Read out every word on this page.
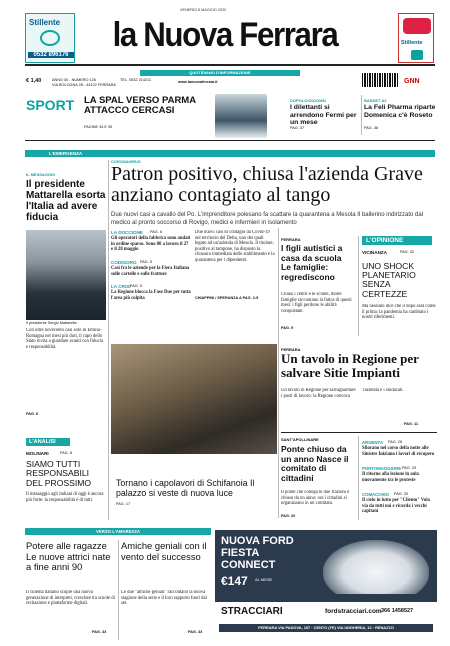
Stillente
0532 896176
VENERDÌ 8 MAGGIO 2020
la Nuova Ferrara	Stillente
€ 1,40	ANNO 30 - NUMERO 126
VIA BOLOGNA 28 - 44122 FERRARA
TEL. 0532 214211	www.lanuovaferrara.it
QUOTIDIANO D'INFORMAZIONE
GNN
SPORT LA SPAL VERSO PARMA ATTACCO CERCASI
PAGINE 34 E 35
DOPOLOCKDOWN
I dilettanti si arrendono Fermi per un mese
PAG. 37
BASKET A2
La Feli Pharma riparte Domenica c'è Roseto
PAG. 38
L'EMERGENZA
IL MESSAGGIO
Il presidente Mattarella esorta l'Italia ad avere fiducia
Il presidente Sergio Mattarella
Con oltre novecento casi solo in Emilia-Romagna nei mesi più duri, il capo dello Stato invita a guardare avanti con fiducia e responsabilità.
PAG. 6
L'ANALISI
MOLINARI	PAG. 8
SIAMO TUTTI RESPONSABILI DEL PROSSIMO
Il messaggio agli italiani di oggi è ancora più forte: la responsabilità è di tutti.
CORONAVIRUS
Patron positivo, chiusa l'azienda Grave anziano contagiato al tango
Due nuovi casi a cavallo del Po. L'imprenditore polesano fa scattare la quarantena a Mesola Il ballerino indirizzato dal medico al pronto soccorso di Rovigo, medici e infermieri in isolamento
LA DOCCIONE PAG. 6
Gli operatori della fabbrica sono andati in ordine sparso. Sono 80 a lavoro il 27 e il 28 maggio
CODIGORO PAG. 5
Casi fra le aziende per la Fiera Italiana sulle cartelle e sulle fratture
LA CRISI PAG. 5
La Regione blocca la Fase Due per tutta l'area più colpita
Due nuovi casi di contagio da Covid-19 nel territorio del Delta, uno dei quali legato ad un'azienda di Mesola. Il titolare, positivo al tampone, ha disposto la chiusura immediata dello stabilimento e la quarantena per i dipendenti.
CHIAPPINI / SPERANZA A PAG. 2-5
FERRARA
I figli autistici a casa da scuola Le famiglie: regrediscono
Chiusi i centri e le scuole, molte famiglie raccontano la fatica di questi mesi: i figli perdono le abilità conquistate.
PAG. 9
L'OPINIONE
VICINANZA	PAG. 32
UNO SHOCK PLANETARIO SENZA CERTEZZE
Ma nessuno dice che il dopo sarà come il prima: la pandemia ha cambiato i nostri riferimenti.
Tornano i capolavori di Schifanoia Il palazzo si veste di nuova luce
PAG. 17
FERRARA
Un tavolo in Regione per salvare Sitie Impianti
Un tavolo in Regione per salvaguardare i posti di lavoro: la Regione convoca l'azienda e i sindacati.
PAG. 11
SANT'APOLLINARE
Ponte chiuso da un anno Nasce il comitato di cittadini
Il ponte che collega le due frazioni è chiuso da un anno: ora i cittadini si organizzano in un comitato.
PAG. 20
ARGENTA PAG. 28
Sfiorano nel corso della notte alle Sinistre Iniziano i lavori di recupero
PORTOMAGGIORE PAG. 29
Il ritorno alla lezione in aula nuovamente tra le proteste
COMACCHIO PAG. 30
Il cielo in lutto per "Cilento" Vola via da tutti noi e ricorda i vecchi capitani
VERSO L'AMAREZZA
Potere alle ragazze Le nuove attrici nate a fine anni 90
Il cinema italiano scopre una nuova generazione di interpreti, cresciute tra scuole di recitazione e piattaforme digitali.
PAG. 33
Amiche geniali con il vento del successo
Le due "amiche geniali" raccontano la nuova stagione della serie e il loro rapporto fuori dal set.
PAG. 33
NUOVA FORD FIESTA CONNECT
€147 AL MESE
STRACCIARI	fordstracciari.com 366 1458527
FERRARA VIA PADOVA, 197 · CENTO (FE) VIA UNGHERIA, 12 · RENAZZO
